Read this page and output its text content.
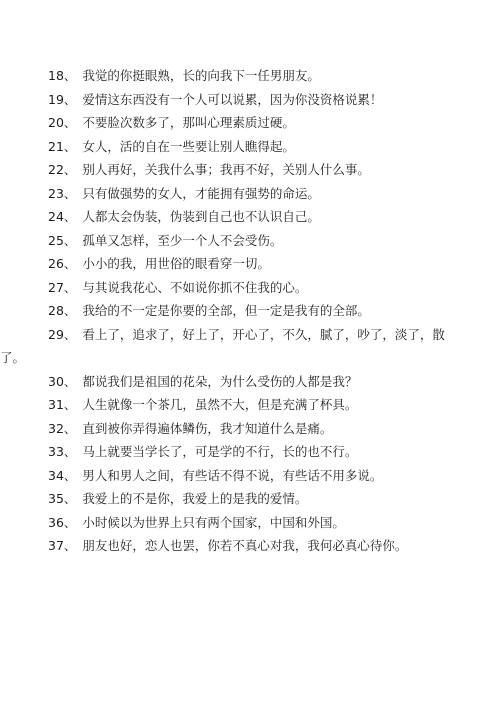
18、 我觉的你挺眼熟，长的向我下一任男朋友。
19、 爱情这东西没有一个人可以说累，因为你没资格说累！
20、 不要脸次数多了，那叫心理素质过硬。
21、 女人，活的自在一些要让别人瞧得起。
22、 别人再好，关我什么事；我再不好，关别人什么事。
23、 只有做强势的女人，才能拥有强势的命运。
24、 人都太会伪装，伪装到自己也不认识自己。
25、 孤单又怎样，至少一个人不会受伤。
26、 小小的我，用世俗的眼看穿一切。
27、 与其说我花心、不如说你抓不住我的心。
28、 我给的不一定是你要的全部，但一定是我有的全部。
29、 看上了，追求了，好上了，开心了，不久，腻了，吵了，淡了，散了。
30、 都说我们是祖国的花朵，为什么受伤的人都是我？
31、 人生就像一个茶几，虽然不大，但是充满了杯具。
32、 直到被你弄得遍体鳞伤，我才知道什么是痛。
33、 马上就要当学长了，可是学的不行，长的也不行。
34、 男人和男人之间，有些话不得不说，有些话不用多说。
35、 我爱上的不是你，我爱上的是我的爱情。
36、 小时候以为世界上只有两个国家，中国和外国。
37、 朋友也好，恋人也罢，你若不真心对我，我何必真心待你。
